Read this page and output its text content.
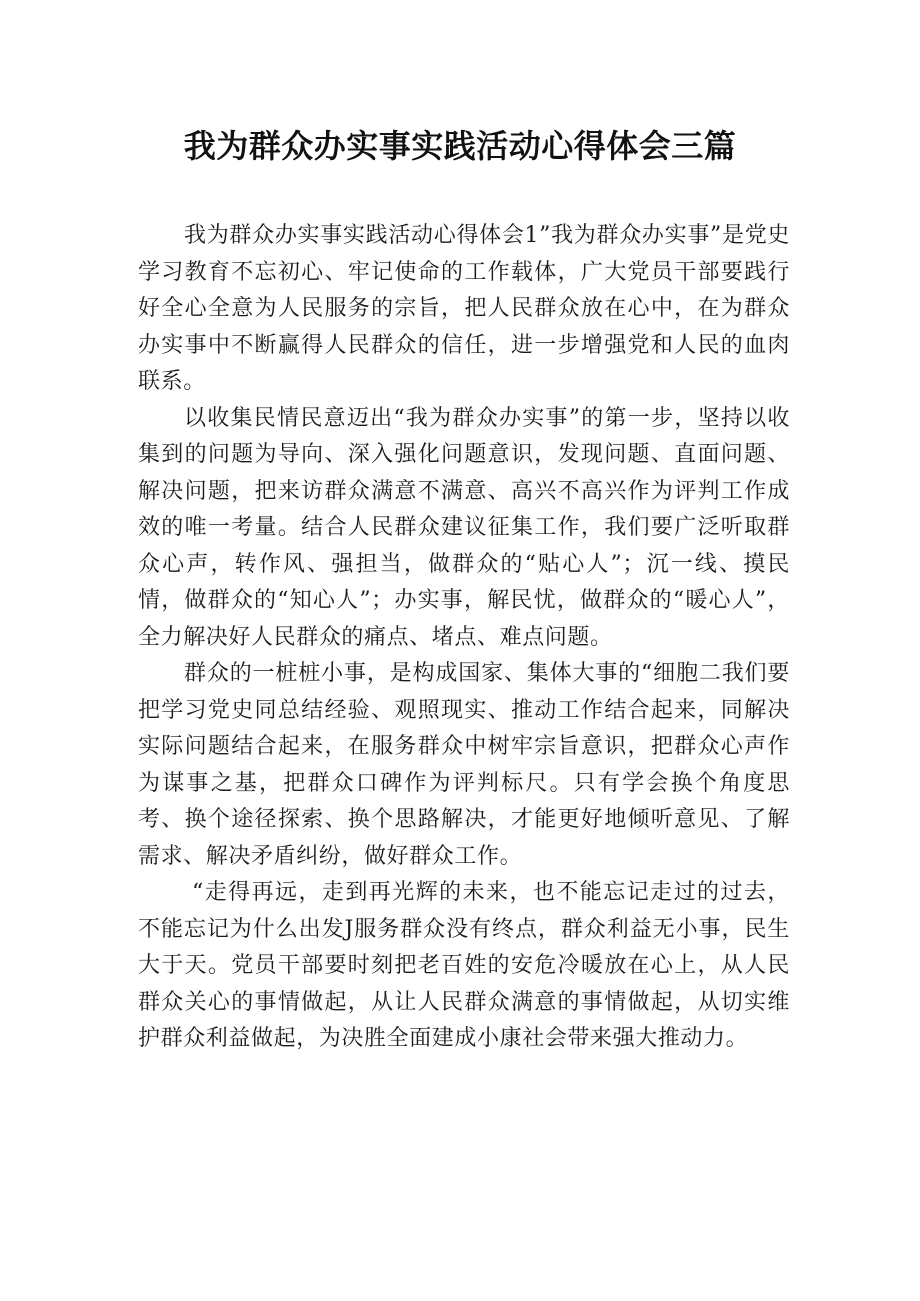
我为群众办实事实践活动心得体会三篇

我为群众办实事实践活动心得体会1”我为群众办实事”是党史学习教育不忘初心、牢记使命的工作载体，广大党员干部要践行好全心全意为人民服务的宗旨，把人民群众放在心中，在为群众办实事中不断赢得人民群众的信任，进一步增强党和人民的血肉联系。

以收集民情民意迈出“我为群众办实事”的第一步，坚持以收集到的问题为导向、深入强化问题意识，发现问题、直面问题、解决问题，把来访群众满意不满意、高兴不高兴作为评判工作成效的唯一考量。结合人民群众建议征集工作，我们要广泛听取群众心声，转作风、强担当，做群众的“贴心人”；沉一线、摸民情，做群众的“知心人”；办实事，解民忧，做群众的“暖心人”，全力解决好人民群众的痛点、堵点、难点问题。

群众的一桩桩小事，是构成国家、集体大事的“细胞二我们要把学习党史同总结经验、观照现实、推动工作结合起来，同解决实际问题结合起来，在服务群众中树牢宗旨意识，把群众心声作为谋事之基，把群众口碑作为评判标尺。只有学会换个角度思考、换个途径探索、换个思路解决，才能更好地倾听意见、了解需求、解决矛盾纠纷，做好群众工作。

“走得再远，走到再光辉的未来，也不能忘记走过的过去，不能忘记为什么出发J服务群众没有终点，群众利益无小事，民生大于天。党员干部要时刻把老百姓的安危冷暖放在心上，从人民群众关心的事情做起，从让人民群众满意的事情做起，从切实维护群众利益做起，为决胜全面建成小康社会带来强大推动力。
